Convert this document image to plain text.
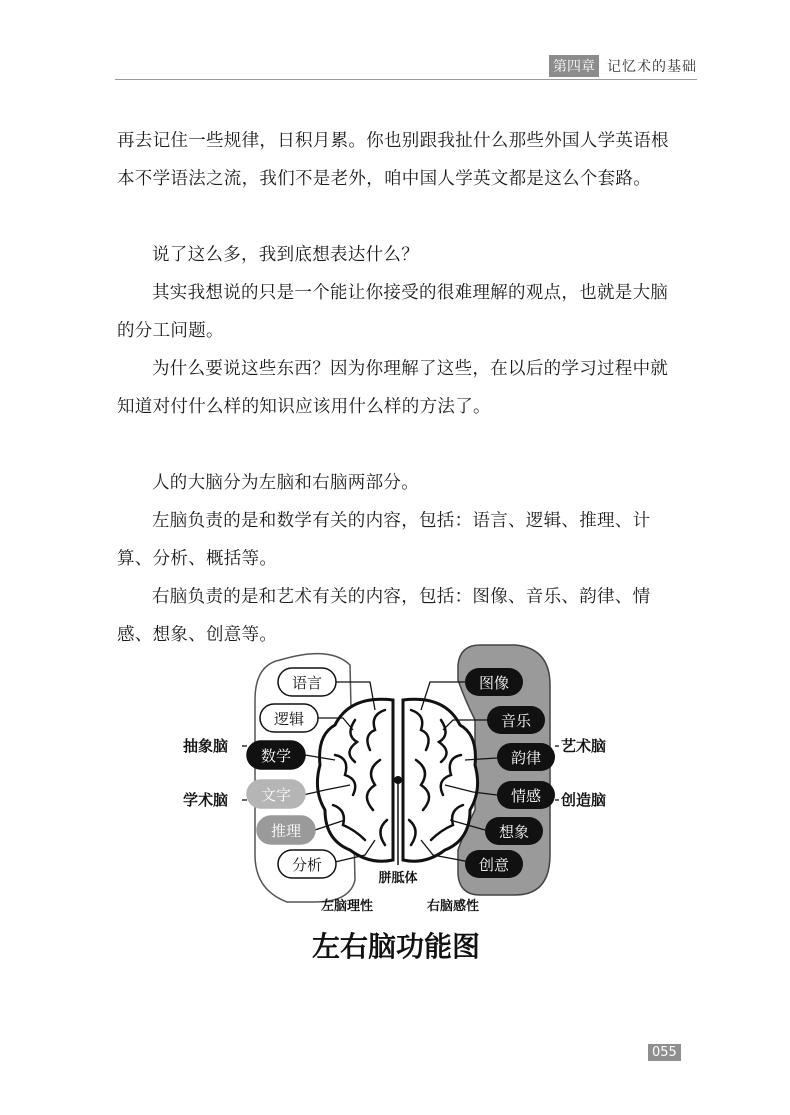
第四章 记忆术的基础

再去记住一些规律，日积月累。你也别跟我扯什么那些外国人学英语根本不学语法之流，我们不是老外，咱中国人学英文都是这么个套路。

说了这么多，我到底想表达什么？

其实我想说的只是一个能让你接受的很难理解的观点，也就是大脑的分工问题。

为什么要说这些东西？因为你理解了这些，在以后的学习过程中就知道对付什么样的知识应该用什么样的方法了。

人的大脑分为左脑和右脑两部分。

左脑负责的是和数学有关的内容，包括：语言、逻辑、推理、计算、分析、概括等。

右脑负责的是和艺术有关的内容，包括：图像、音乐、韵律、情感、想象、创意等。

语言
逻辑
数学
文字
推理
分析
图像
音乐
韵律
情感
想象
创意
抽象脑
学术脑
艺术脑
创造脑
胼胝体
左脑理性	右脑感性
左右脑功能图
055
